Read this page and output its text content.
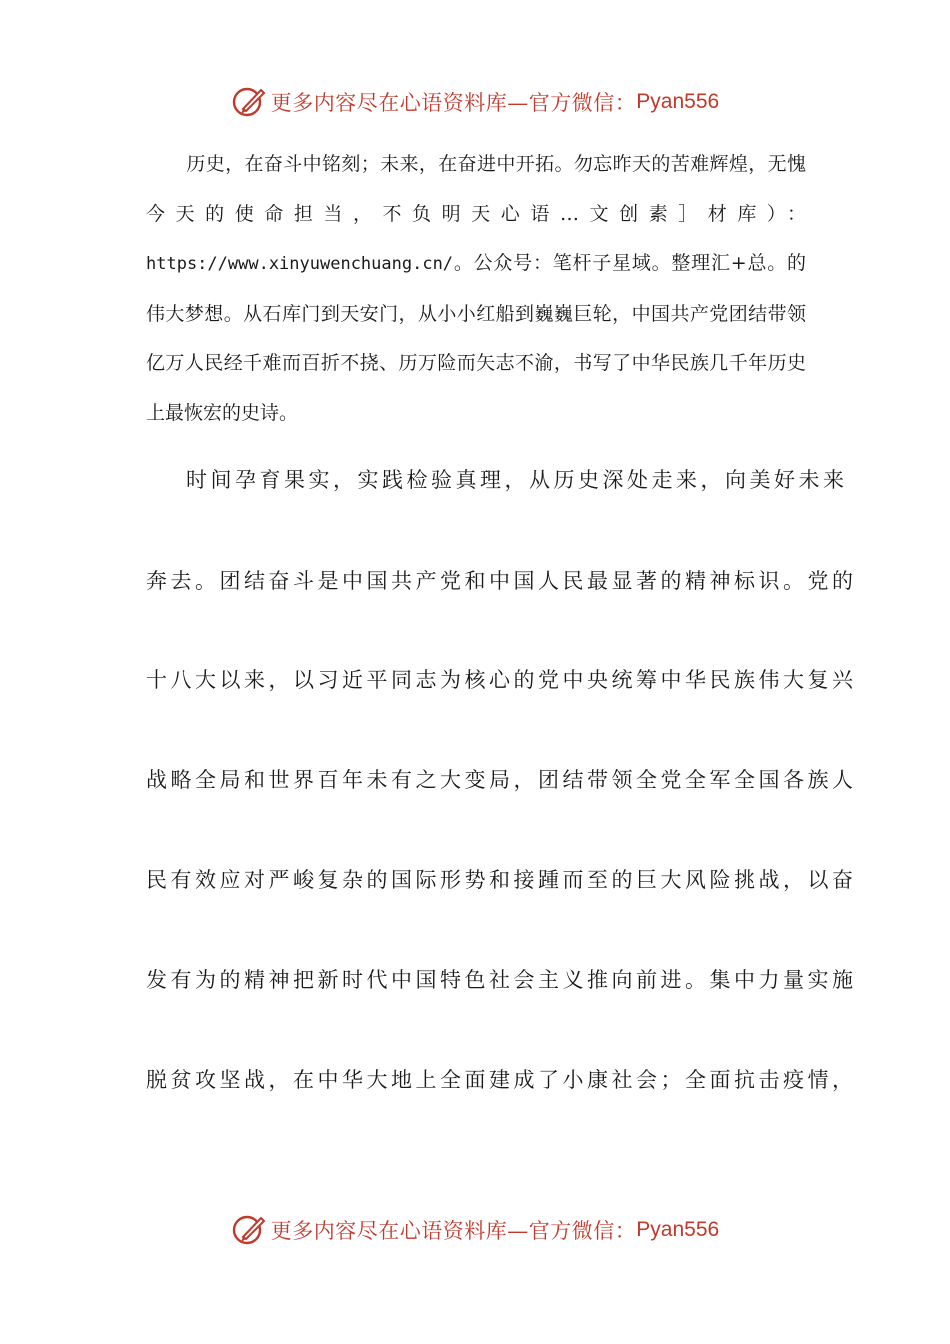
更多内容尽在心语资料库—官方微信： Pyan556

历史，在奋斗中铭刻；未来，在奋进中开拓。勿忘昨天的苦难辉煌，无愧今天的使命担当，不负明天心语…文创素］材库）：https://www.xinyuwenchuang.cn/。公众号：笔杆子星域。整理汇+总。的伟大梦想。从石库门到天安门，从小小红船到巍巍巨轮，中国共产党团结带领亿万人民经千难而百折不挠、历万险而矢志不渝，书写了中华民族几千年历史上最恢宏的史诗。

时间孕育果实，实践检验真理，从历史深处走来，向美好未来

奔去。团结奋斗是中国共产党和中国人民最显著的精神标识。党的

十八大以来，以习近平同志为核心的党中央统筹中华民族伟大复兴

战略全局和世界百年未有之大变局，团结带领全党全军全国各族人

民有效应对严峻复杂的国际形势和接踵而至的巨大风险挑战，以奋

发有为的精神把新时代中国特色社会主义推向前进。集中力量实施

脱贫攻坚战，在中华大地上全面建成了小康社会；全面抗击疫情，

更多内容尽在心语资料库—官方微信： Pyan556
